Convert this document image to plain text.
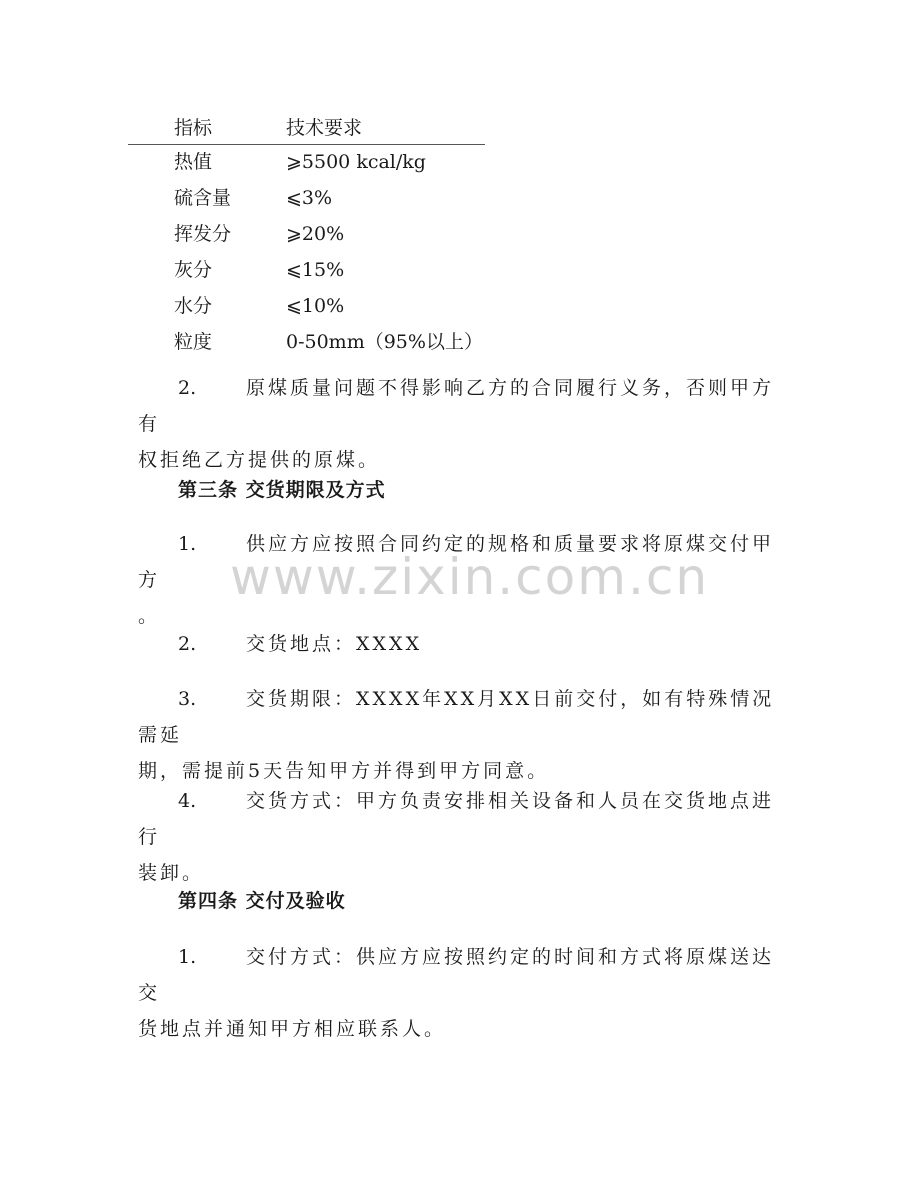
指标	技术要求
热值	⩾5500 kcal/kg
硫含量	⩽3%
挥发分	⩾20%
灰分	⩽15%
水分	⩽10%
粒度	0-50mm（95%以上）
2.	原煤质量问题不得影响乙方的合同履行义务，否则甲方有
权拒绝乙方提供的原煤。
第三条 交货期限及方式
1.	供应方应按照合同约定的规格和质量要求将原煤交付甲方
。
2.	交货地点：XXXX
3.	交货期限：XXXX年XX月XX日前交付，如有特殊情况需延
期，需提前5天告知甲方并得到甲方同意。
4.	交货方式：甲方负责安排相关设备和人员在交货地点进行
装卸。
第四条 交付及验收
1.	交付方式：供应方应按照约定的时间和方式将原煤送达交
货地点并通知甲方相应联系人。
www.zixin.com.cn
